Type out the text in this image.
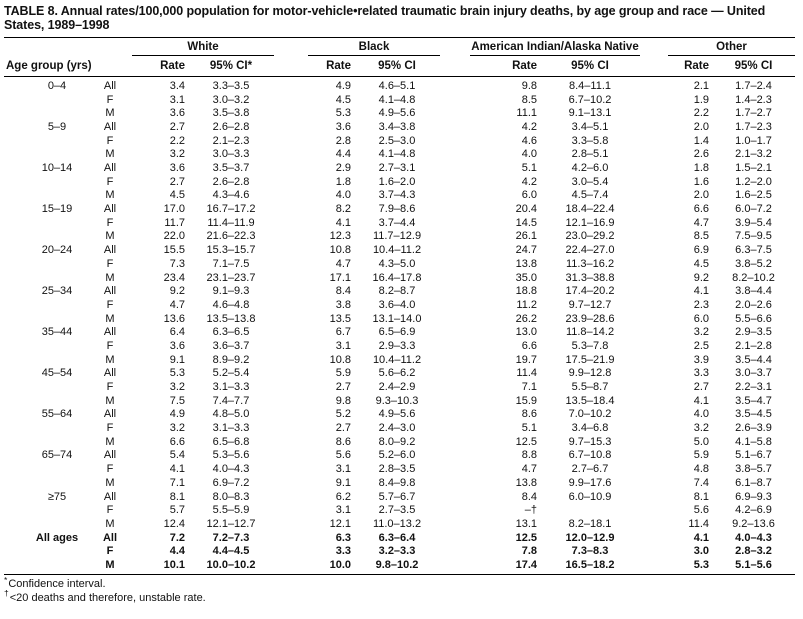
TABLE 8. Annual rates/100,000 population for motor-vehicle•related traumatic brain injury deaths, by age group and race — United States, 1989–1998
		White			Black			American Indian/Alaska Native			Other	
Age group (yrs)		Rate	95% CI*		Rate	95% CI		Rate	95% CI		Rate	95% CI
0–4	All	3.4	3.3–3.5		4.9	4.6–5.1		9.8	8.4–11.1		2.1	1.7–2.4
	F	3.1	3.0–3.2		4.5	4.1–4.8		8.5	6.7–10.2		1.9	1.4–2.3
	M	3.6	3.5–3.8		5.3	4.9–5.6		11.1	9.1–13.1		2.2	1.7–2.7
5–9	All	2.7	2.6–2.8		3.6	3.4–3.8		4.2	3.4–5.1		2.0	1.7–2.3
	F	2.2	2.1–2.3		2.8	2.5–3.0		4.6	3.3–5.8		1.4	1.0–1.7
	M	3.2	3.0–3.3		4.4	4.1–4.8		4.0	2.8–5.1		2.6	2.1–3.2
10–14	All	3.6	3.5–3.7		2.9	2.7–3.1		5.1	4.2–6.0		1.8	1.5–2.1
	F	2.7	2.6–2.8		1.8	1.6–2.0		4.2	3.0–5.4		1.6	1.2–2.0
	M	4.5	4.3–4.6		4.0	3.7–4.3		6.0	4.5–7.4		2.0	1.6–2.5
15–19	All	17.0	16.7–17.2		8.2	7.9–8.6		20.4	18.4–22.4		6.6	6.0–7.2
	F	11.7	11.4–11.9		4.1	3.7–4.4		14.5	12.1–16.9		4.7	3.9–5.4
	M	22.0	21.6–22.3		12.3	11.7–12.9		26.1	23.0–29.2		8.5	7.5–9.5
20–24	All	15.5	15.3–15.7		10.8	10.4–11.2		24.7	22.4–27.0		6.9	6.3–7.5
	F	7.3	7.1–7.5		4.7	4.3–5.0		13.8	11.3–16.2		4.5	3.8–5.2
	M	23.4	23.1–23.7		17.1	16.4–17.8		35.0	31.3–38.8		9.2	8.2–10.2
25–34	All	9.2	9.1–9.3		8.4	8.2–8.7		18.8	17.4–20.2		4.1	3.8–4.4
	F	4.7	4.6–4.8		3.8	3.6–4.0		11.2	9.7–12.7		2.3	2.0–2.6
	M	13.6	13.5–13.8		13.5	13.1–14.0		26.2	23.9–28.6		6.0	5.5–6.6
35–44	All	6.4	6.3–6.5		6.7	6.5–6.9		13.0	11.8–14.2		3.2	2.9–3.5
	F	3.6	3.6–3.7		3.1	2.9–3.3		6.6	5.3–7.8		2.5	2.1–2.8
	M	9.1	8.9–9.2		10.8	10.4–11.2		19.7	17.5–21.9		3.9	3.5–4.4
45–54	All	5.3	5.2–5.4		5.9	5.6–6.2		11.4	9.9–12.8		3.3	3.0–3.7
	F	3.2	3.1–3.3		2.7	2.4–2.9		7.1	5.5–8.7		2.7	2.2–3.1
	M	7.5	7.4–7.7		9.8	9.3–10.3		15.9	13.5–18.4		4.1	3.5–4.7
55–64	All	4.9	4.8–5.0		5.2	4.9–5.6		8.6	7.0–10.2		4.0	3.5–4.5
	F	3.2	3.1–3.3		2.7	2.4–3.0		5.1	3.4–6.8		3.2	2.6–3.9
	M	6.6	6.5–6.8		8.6	8.0–9.2		12.5	9.7–15.3		5.0	4.1–5.8
65–74	All	5.4	5.3–5.6		5.6	5.2–6.0		8.8	6.7–10.8		5.9	5.1–6.7
	F	4.1	4.0–4.3		3.1	2.8–3.5		4.7	2.7–6.7		4.8	3.8–5.7
	M	7.1	6.9–7.2		9.1	8.4–9.8		13.8	9.9–17.6		7.4	6.1–8.7
≥75	All	8.1	8.0–8.3		6.2	5.7–6.7		8.4	6.0–10.9		8.1	6.9–9.3
	F	5.7	5.5–5.9		3.1	2.7–3.5		–†			5.6	4.2–6.9
	M	12.4	12.1–12.7		12.1	11.0–13.2		13.1	8.2–18.1		11.4	9.2–13.6
All ages	All	7.2	7.2–7.3		6.3	6.3–6.4		12.5	12.0–12.9		4.1	4.0–4.3
	F	4.4	4.4–4.5		3.3	3.2–3.3		7.8	7.3–8.3		3.0	2.8–3.2
	M	10.1	10.0–10.2		10.0	9.8–10.2		17.4	16.5–18.2		5.3	5.1–5.6
*Confidence interval.
†<20 deaths and therefore, unstable rate.
